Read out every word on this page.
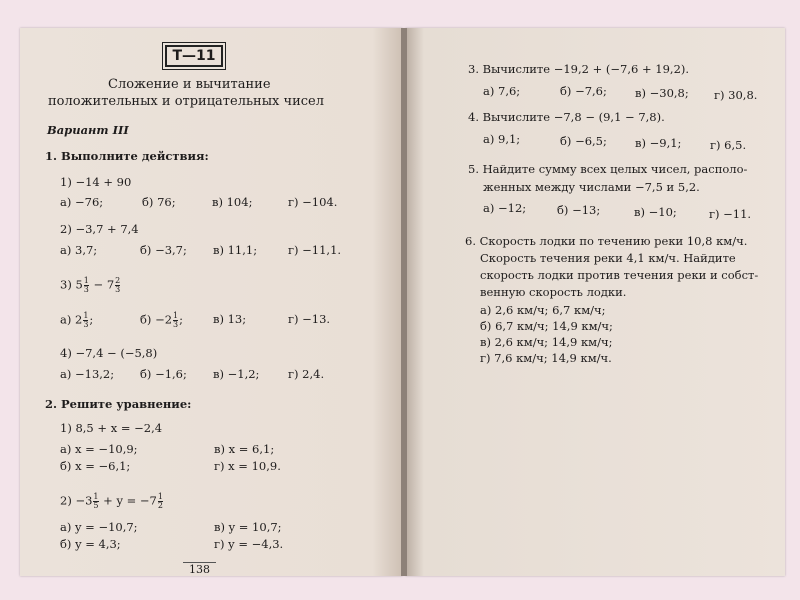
Т—11
Сложение и вычитание
положительных и отрицательных чисел
Вариант III
1. Выполните действия:
1) −14 + 90
а) −76;	б) 76;	в) 104;	г) −104.
2) −3,7 + 7,4
а) 3,7;	б) −3,7; в) 11,1;	г) −11,1.
3) $5 \frac{1}{3} - 7 \frac{2}{3}$
а) $2 \frac{1}{3}$ ;	$б) -2 \frac{1}{3}$ ;	в) 13;	г) −13.
4) −7,4 − (−5,8)
а) −13,2; б) −1,6; в) −1,2; г) 2,4.
2. Решите уравнение:
1) 8,5 + x = −2,4
а) x = −10,9;	в) x = 6,1;
б) x = −6,1;	г) x = 10,9.
$2) -3 \frac{1}{5} + y = -7 \frac{1}{2}$
а) y = −10,7;	в) y = 10,7;
б) y = 4,3;	г) y = −4,3.
138
3. Вычислите −19,2 + (−7,6 + 19,2).
а) 7,6;	б) −7,6; в) −30,8; г) 30,8.
4. Вычислите −7,8 − (9,1 − 7,8).
а) 9,1;	б) −6,5; в) −9,1; г) 6,5.
5. Найдите сумму всех целых чисел, располо-
женных между числами −7,5 и 5,2.
а) −12;	б) −13;	в) −10;	г) −11.
6. Скорость лодки по течению реки 10,8 км/ч.
Скорость течения реки 4,1 км/ч. Найдите
скорость лодки против течения реки и собст-
венную скорость лодки.
а) 2,6 км/ч; 6,7 км/ч;
б) 6,7 км/ч; 14,9 км/ч;
в) 2,6 км/ч; 14,9 км/ч;
г) 7,6 км/ч; 14,9 км/ч.
